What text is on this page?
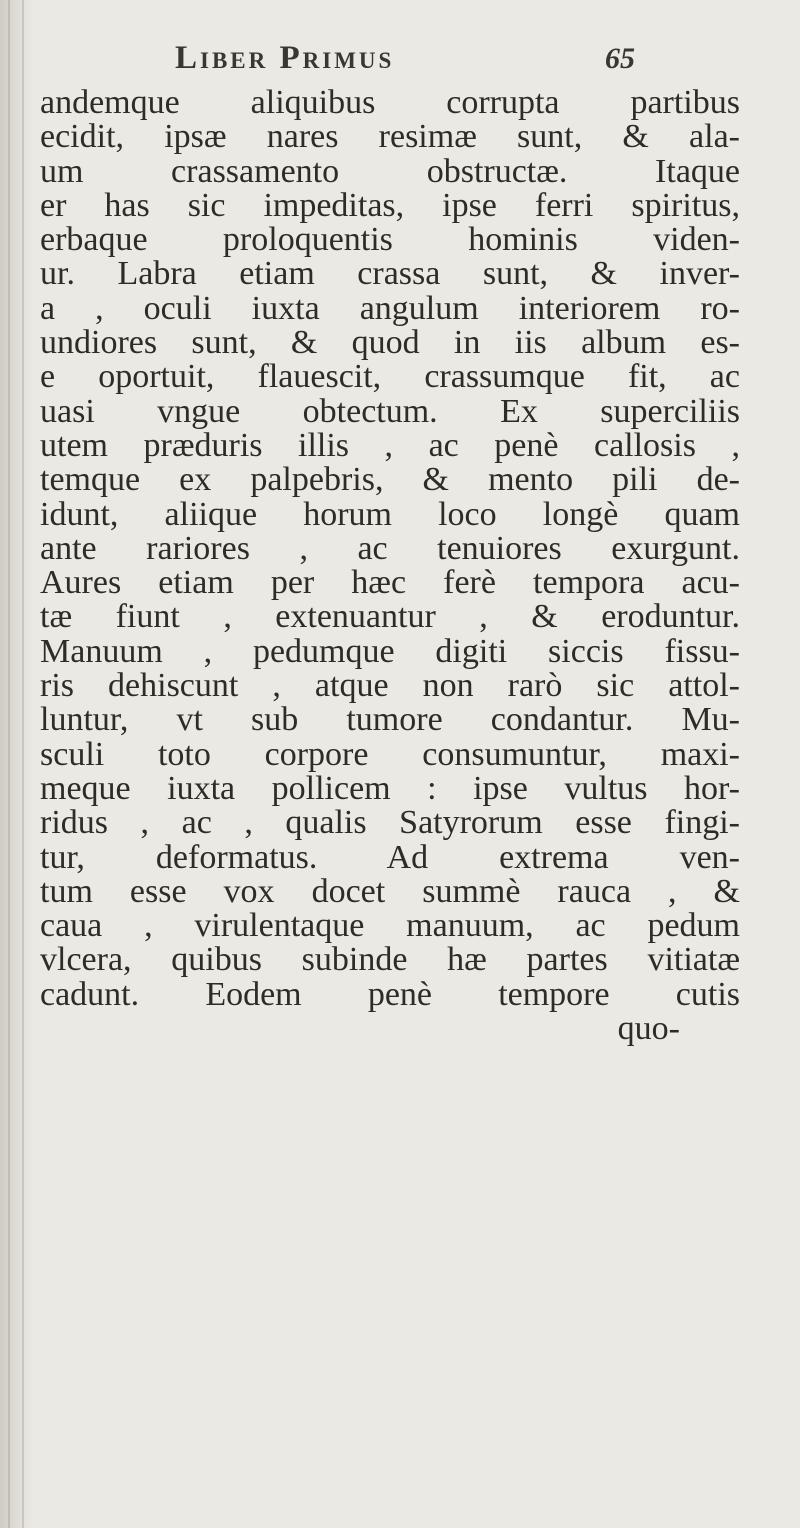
Liber Primus	65
andemque aliquibus corrupta partibus
ecidit, ipsæ nares resimæ sunt, & ala-
um crassamento obstructæ. Itaque
er has sic impeditas, ipse ferri spiritus,
erbaque proloquentis hominis viden-
ur. Labra etiam crassa sunt, & inver-
a , oculi iuxta angulum interiorem ro-
undiores sunt, & quod in iis album es-
e oportuit, flauescit, crassumque fit, ac
uasi vngue obtectum. Ex superciliis
utem præduris illis , ac penè callosis ,
temque ex palpebris, & mento pili de-
idunt, aliique horum loco longè quam
ante rariores , ac tenuiores exurgunt.
Aures etiam per hæc ferè tempora acu-
tæ fiunt , extenuantur , & eroduntur.
Manuum , pedumque digiti siccis fissu-
ris dehiscunt , atque non rarò sic attol-
luntur, vt sub tumore condantur. Mu-
sculi toto corpore consumuntur, maxi-
meque iuxta pollicem : ipse vultus hor-
ridus , ac , qualis Satyrorum esse fingi-
tur, deformatus. Ad extrema ven-
tum esse vox docet summè rauca , &
caua , virulentaque manuum, ac pedum
vlcera, quibus subinde hæ partes vitiatæ
cadunt. Eodem penè tempore cutis
quo-
